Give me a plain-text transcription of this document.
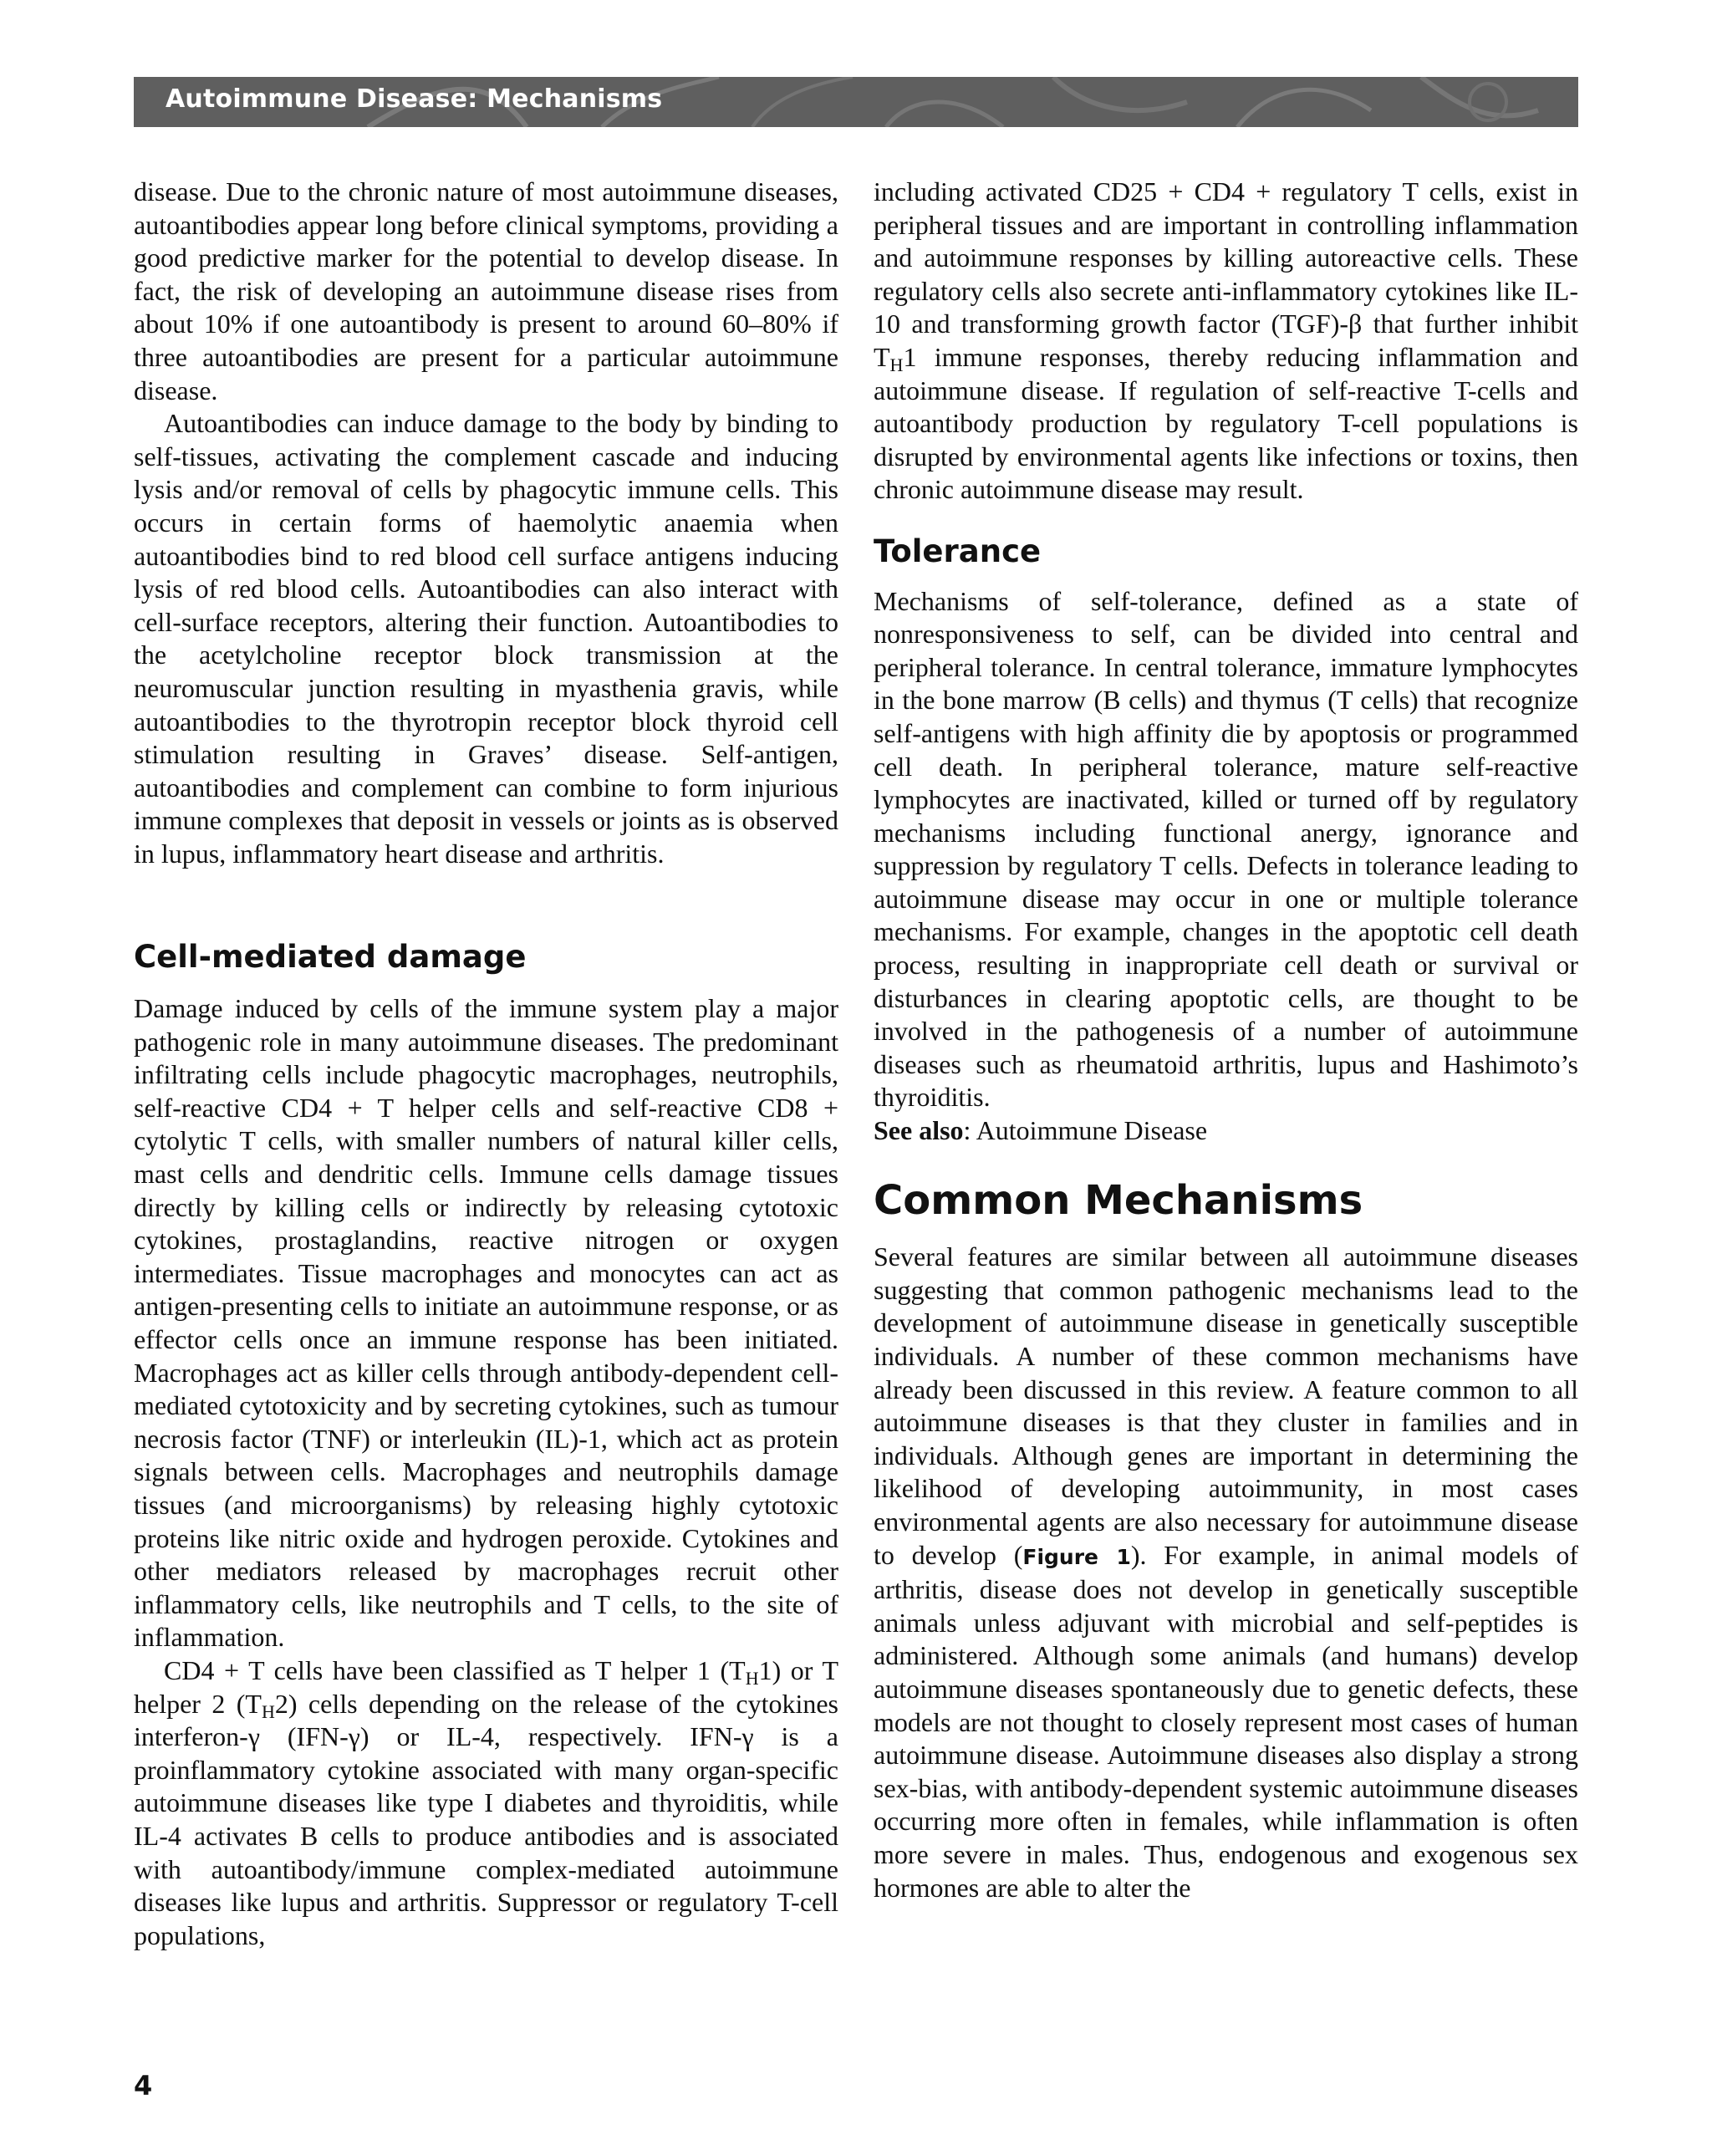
Autoimmune Disease: Mechanisms

disease. Due to the chronic nature of most autoimmune diseases, autoantibodies appear long before clinical symptoms, providing a good predictive marker for the potential to develop disease. In fact, the risk of developing an autoimmune disease rises from about 10% if one autoantibody is present to around 60–80% if three autoantibodies are present for a particular autoimmune disease.

Autoantibodies can induce damage to the body by binding to self-tissues, activating the complement cascade and inducing lysis and/or removal of cells by phagocytic immune cells. This occurs in certain forms of haemolytic anaemia when autoantibodies bind to red blood cell surface antigens inducing lysis of red blood cells. Autoantibodies can also interact with cell-surface receptors, altering their function. Autoantibodies to the acetylcholine receptor block transmission at the neuromuscular junction resulting in myasthenia gravis, while autoantibodies to the thyrotropin receptor block thyroid cell stimulation resulting in Graves’ disease. Self-antigen, autoantibodies and complement can combine to form injurious immune complexes that deposit in vessels or joints as is observed in lupus, inflammatory heart disease and arthritis.

Cell-mediated damage

Damage induced by cells of the immune system play a major pathogenic role in many autoimmune diseases. The predominant infiltrating cells include phagocytic macrophages, neutrophils, self-reactive CD4 + T helper cells and self-reactive CD8 + cytolytic T cells, with smaller numbers of natural killer cells, mast cells and dendritic cells. Immune cells damage tissues directly by killing cells or indirectly by releasing cytotoxic cytokines, prostaglandins, reactive nitrogen or oxygen intermediates. Tissue macrophages and monocytes can act as antigen-presenting cells to initiate an autoimmune response, or as effector cells once an immune response has been initiated. Macrophages act as killer cells through antibody-dependent cell-mediated cytotoxicity and by secreting cytokines, such as tumour necrosis factor (TNF) or interleukin (IL)-1, which act as protein signals between cells. Macrophages and neutrophils damage tissues (and microorganisms) by releasing highly cytotoxic proteins like nitric oxide and hydrogen peroxide. Cytokines and other mediators released by macrophages recruit other inflammatory cells, like neutrophils and T cells, to the site of inflammation.

CD4 + T cells have been classified as T helper 1 $(T_H1)$ or T helper 2 $(T_H2)$ cells depending on the release of the cytokines interferon-γ (IFN-γ) or IL-4, respectively. IFN-γ is a proinflammatory cytokine associated with many organ-specific autoimmune diseases like type I diabetes and thyroiditis, while IL-4 activates B cells to produce antibodies and is associated with autoantibody/immune complex-mediated autoimmune diseases like lupus and arthritis. Suppressor or regulatory T-cell populations,

including activated CD25 + CD4 + regulatory T cells, exist in peripheral tissues and are important in controlling inflammation and autoimmune responses by killing autoreactive cells. These regulatory cells also secrete anti-inflammatory cytokines like IL-10 and transforming growth factor (TGF)-β that further inhibit $T_H1$ immune responses, thereby reducing inflammation and autoimmune disease. If regulation of self-reactive T-cells and autoantibody production by regulatory T-cell populations is disrupted by environmental agents like infections or toxins, then chronic autoimmune disease may result.

Tolerance

Mechanisms of self-tolerance, defined as a state of nonresponsiveness to self, can be divided into central and peripheral tolerance. In central tolerance, immature lymphocytes in the bone marrow (B cells) and thymus (T cells) that recognize self-antigens with high affinity die by apoptosis or programmed cell death. In peripheral tolerance, mature self-reactive lymphocytes are inactivated, killed or turned off by regulatory mechanisms including functional anergy, ignorance and suppression by regulatory T cells. Defects in tolerance leading to autoimmune disease may occur in one or multiple tolerance mechanisms. For example, changes in the apoptotic cell death process, resulting in inappropriate cell death or survival or disturbances in clearing apoptotic cells, are thought to be involved in the pathogenesis of a number of autoimmune diseases such as rheumatoid arthritis, lupus and Hashimoto’s thyroiditis.

See also: Autoimmune Disease

Common Mechanisms

Several features are similar between all autoimmune diseases suggesting that common pathogenic mechanisms lead to the development of autoimmune disease in genetically susceptible individuals. A number of these common mechanisms have already been discussed in this review. A feature common to all autoimmune diseases is that they cluster in families and in individuals. Although genes are important in determining the likelihood of developing autoimmunity, in most cases environmental agents are also necessary for autoimmune disease to develop (Figure 1). For example, in animal models of arthritis, disease does not develop in genetically susceptible animals unless adjuvant with microbial and self-peptides is administered. Although some animals (and humans) develop autoimmune diseases spontaneously due to genetic defects, these models are not thought to closely represent most cases of human autoimmune disease. Autoimmune diseases also display a strong sex-bias, with antibody-dependent systemic autoimmune diseases occurring more often in females, while inflammation is often more severe in males. Thus, endogenous and exogenous sex hormones are able to alter the

4
